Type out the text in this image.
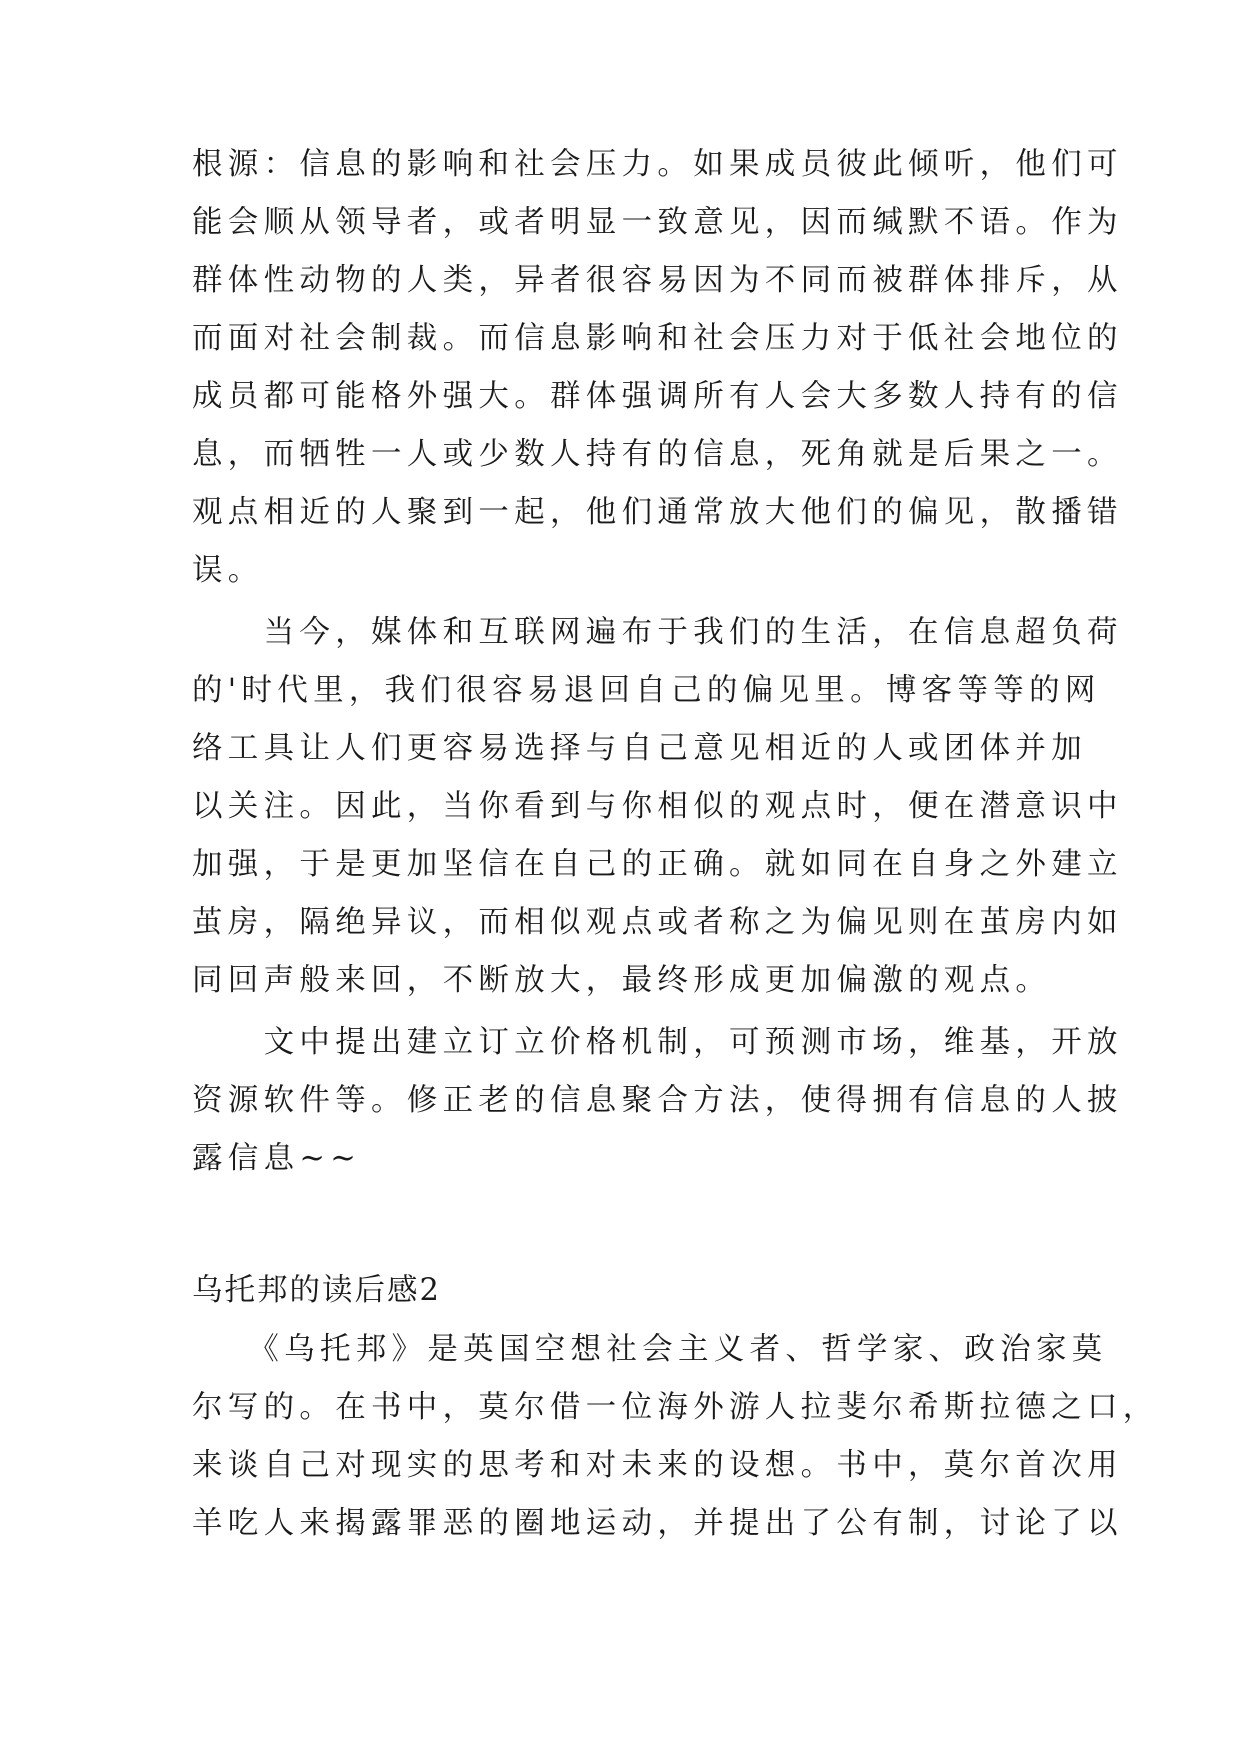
根源：信息的影响和社会压力。如果成员彼此倾听，他们可
能会顺从领导者，或者明显一致意见，因而缄默不语。作为
群体性动物的人类，异者很容易因为不同而被群体排斥，从
而面对社会制裁。而信息影响和社会压力对于低社会地位的
成员都可能格外强大。群体强调所有人会大多数人持有的信
息，而牺牲一人或少数人持有的信息，死角就是后果之一。
观点相近的人聚到一起，他们通常放大他们的偏见，散播错
误。
　　当今，媒体和互联网遍布于我们的生活，在信息超负荷
的'时代里，我们很容易退回自己的偏见里。博客等等的网
络工具让人们更容易选择与自己意见相近的人或团体并加
以关注。因此，当你看到与你相似的观点时，便在潜意识中
加强，于是更加坚信在自己的正确。就如同在自身之外建立
茧房，隔绝异议，而相似观点或者称之为偏见则在茧房内如
同回声般来回，不断放大，最终形成更加偏激的观点。
　　文中提出建立订立价格机制，可预测市场，维基，开放
资源软件等。修正老的信息聚合方法，使得拥有信息的人披
露信息~~
乌托邦的读后感2
　　《乌托邦》是英国空想社会主义者、哲学家、政治家莫
尔写的。在书中，莫尔借一位海外游人拉斐尔希斯拉德之口，
来谈自己对现实的思考和对未来的设想。书中，莫尔首次用
羊吃人来揭露罪恶的圈地运动，并提出了公有制，讨论了以
